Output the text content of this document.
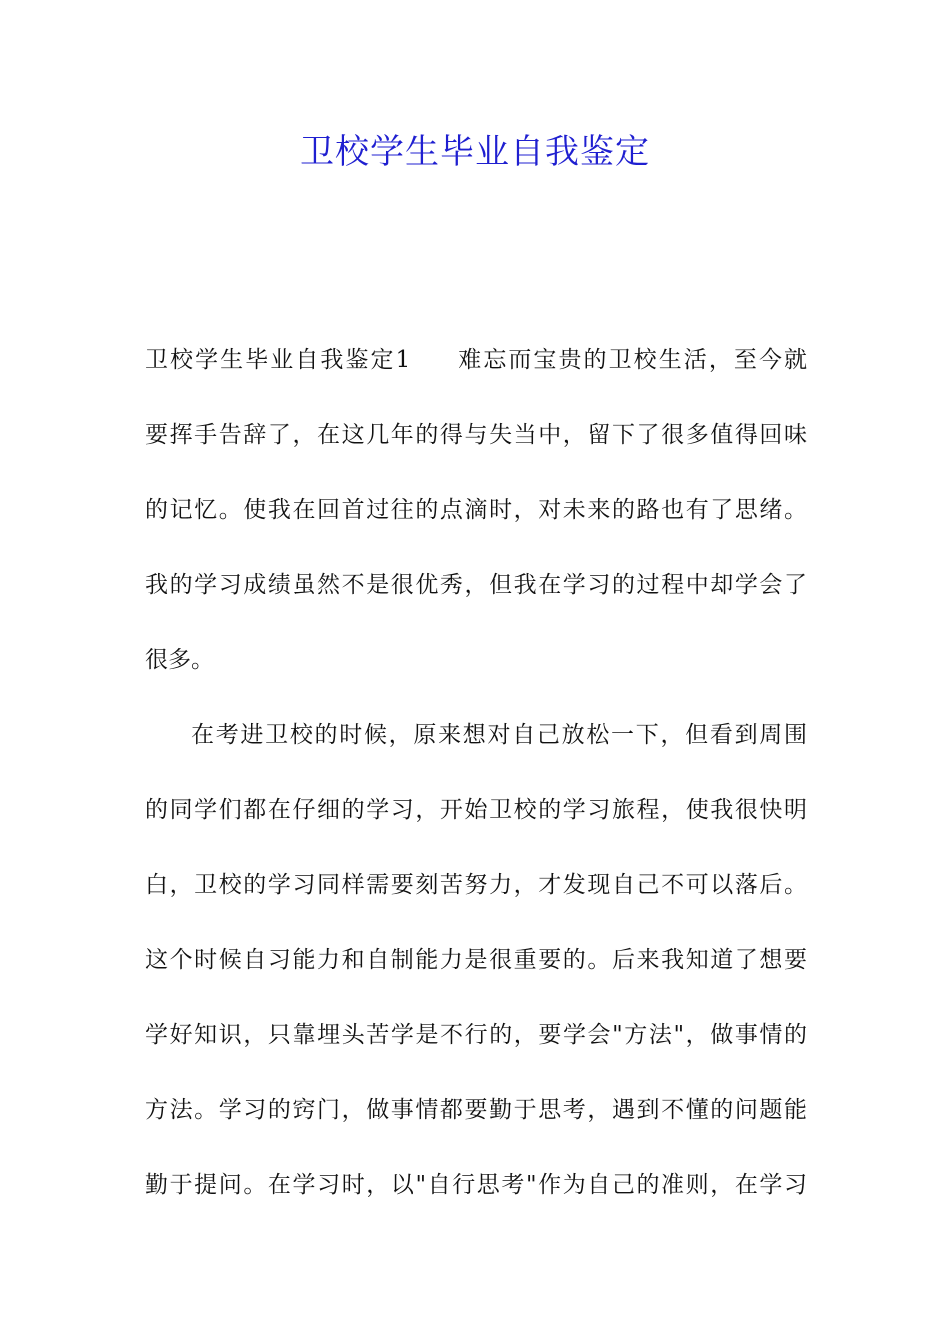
卫校学生毕业自我鉴定
卫校学生毕业自我鉴定1 难忘而宝贵的卫校生活，至今就
要挥手告辞了，在这几年的得与失当中，留下了很多值得回味
的记忆。使我在回首过往的点滴时，对未来的路也有了思绪。
我的学习成绩虽然不是很优秀，但我在学习的过程中却学会了
很多。
在考进卫校的时候，原来想对自己放松一下，但看到周围
的同学们都在仔细的学习，开始卫校的学习旅程，使我很快明
白，卫校的学习同样需要刻苦努力，才发现自己不可以落后。
这个时候自习能力和自制能力是很重要的。后来我知道了想要
学好知识，只靠埋头苦学是不行的，要学会"方法"，做事情的
方法。学习的窍门，做事情都要勤于思考，遇到不懂的问题能
勤于提问。在学习时，以"自行思考"作为自己的准则，在学习
